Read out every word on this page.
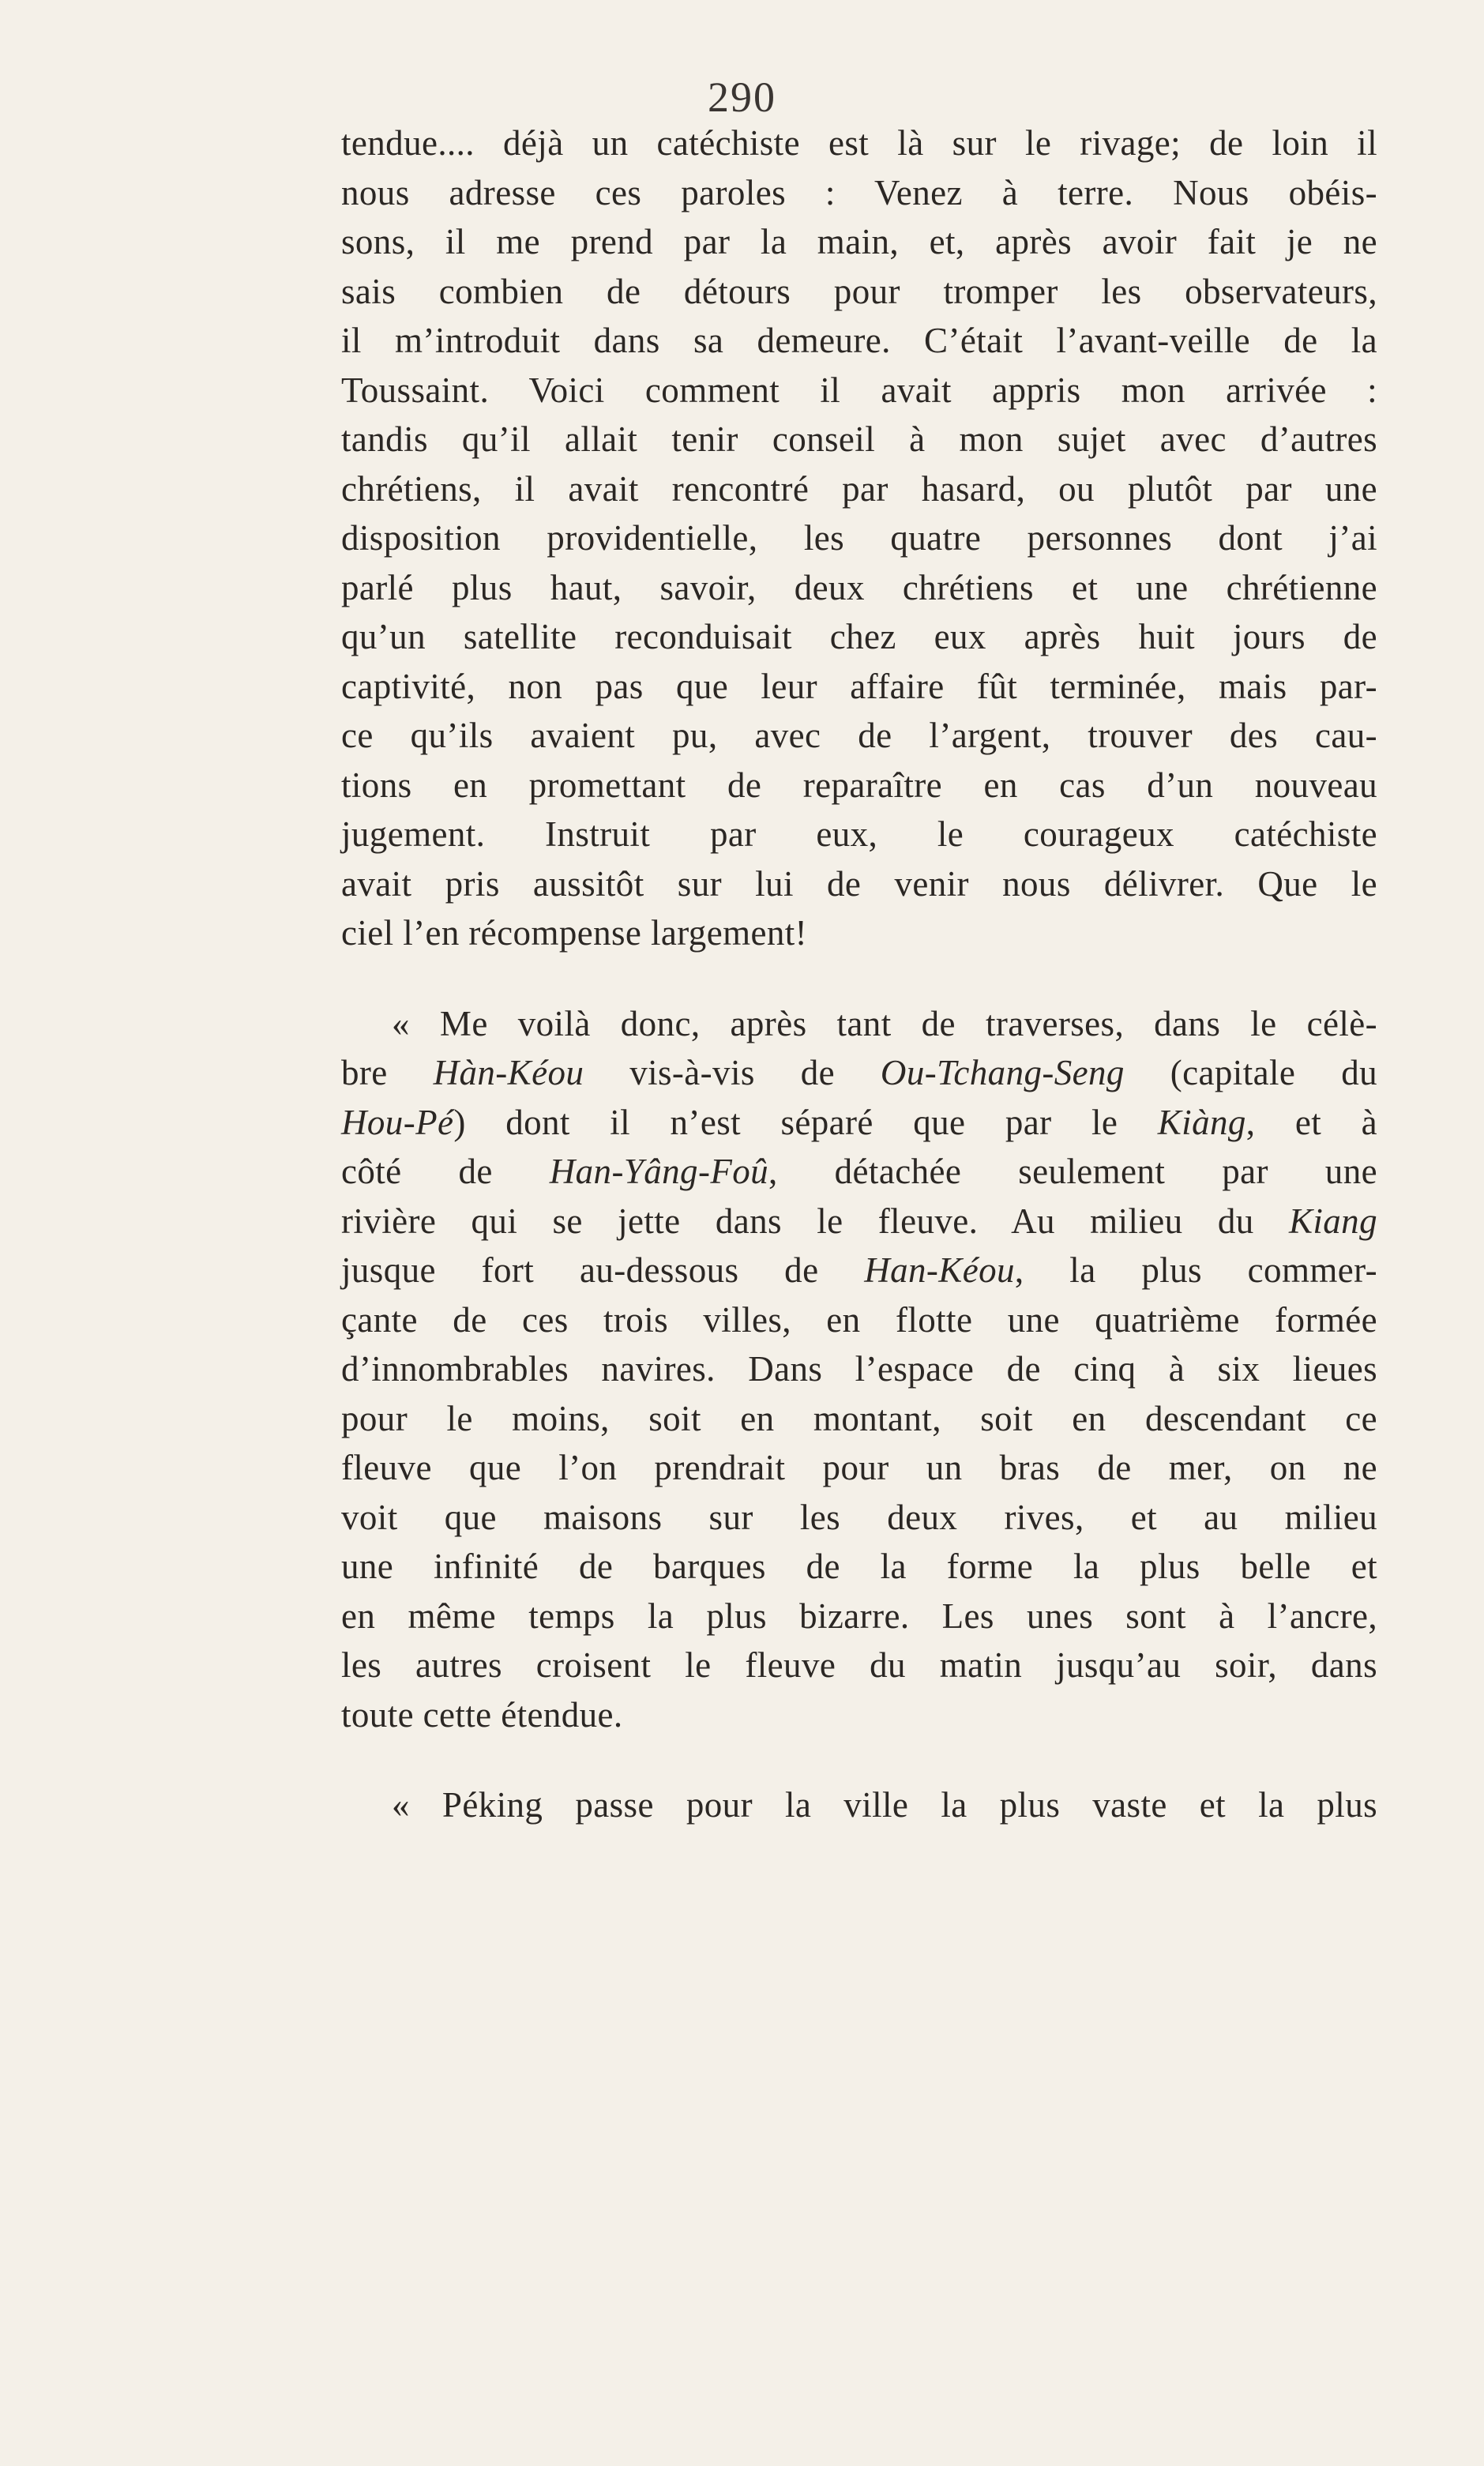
290

tendue.... déjà un catéchiste est là sur le rivage; de loin il
nous adresse ces paroles : Venez à terre. Nous obéis-
sons, il me prend par la main, et, après avoir fait je ne
sais combien de détours pour tromper les observateurs,
il m’introduit dans sa demeure. C’était l’avant-veille de la
Toussaint. Voici comment il avait appris mon arrivée :
tandis qu’il allait tenir conseil à mon sujet avec d’autres
chrétiens, il avait rencontré par hasard, ou plutôt par une
disposition providentielle, les quatre personnes dont j’ai
parlé plus haut, savoir, deux chrétiens et une chrétienne
qu’un satellite reconduisait chez eux après huit jours de
captivité, non pas que leur affaire fût terminée, mais par-
ce qu’ils avaient pu, avec de l’argent, trouver des cau-
tions en promettant de reparaître en cas d’un nouveau
jugement. Instruit par eux, le courageux catéchiste
avait pris aussitôt sur lui de venir nous délivrer. Que le
ciel l’en récompense largement!

« Me voilà donc, après tant de traverses, dans le célè-
bre Hàn-Kéou vis-à-vis de Ou-Tchang-Seng (capitale du
Hou-Pé) dont il n’est séparé que par le Kiàng, et à
côté de Han-Yâng-Foû, détachée seulement par une
rivière qui se jette dans le fleuve. Au milieu du Kiang
jusque fort au-dessous de Han-Kéou, la plus commer-
çante de ces trois villes, en flotte une quatrième formée
d’innombrables navires. Dans l’espace de cinq à six lieues
pour le moins, soit en montant, soit en descendant ce
fleuve que l’on prendrait pour un bras de mer, on ne
voit que maisons sur les deux rives, et au milieu
une infinité de barques de la forme la plus belle et
en même temps la plus bizarre. Les unes sont à l’ancre,
les autres croisent le fleuve du matin jusqu’au soir, dans
toute cette étendue.

« Péking passe pour la ville la plus vaste et la plus
